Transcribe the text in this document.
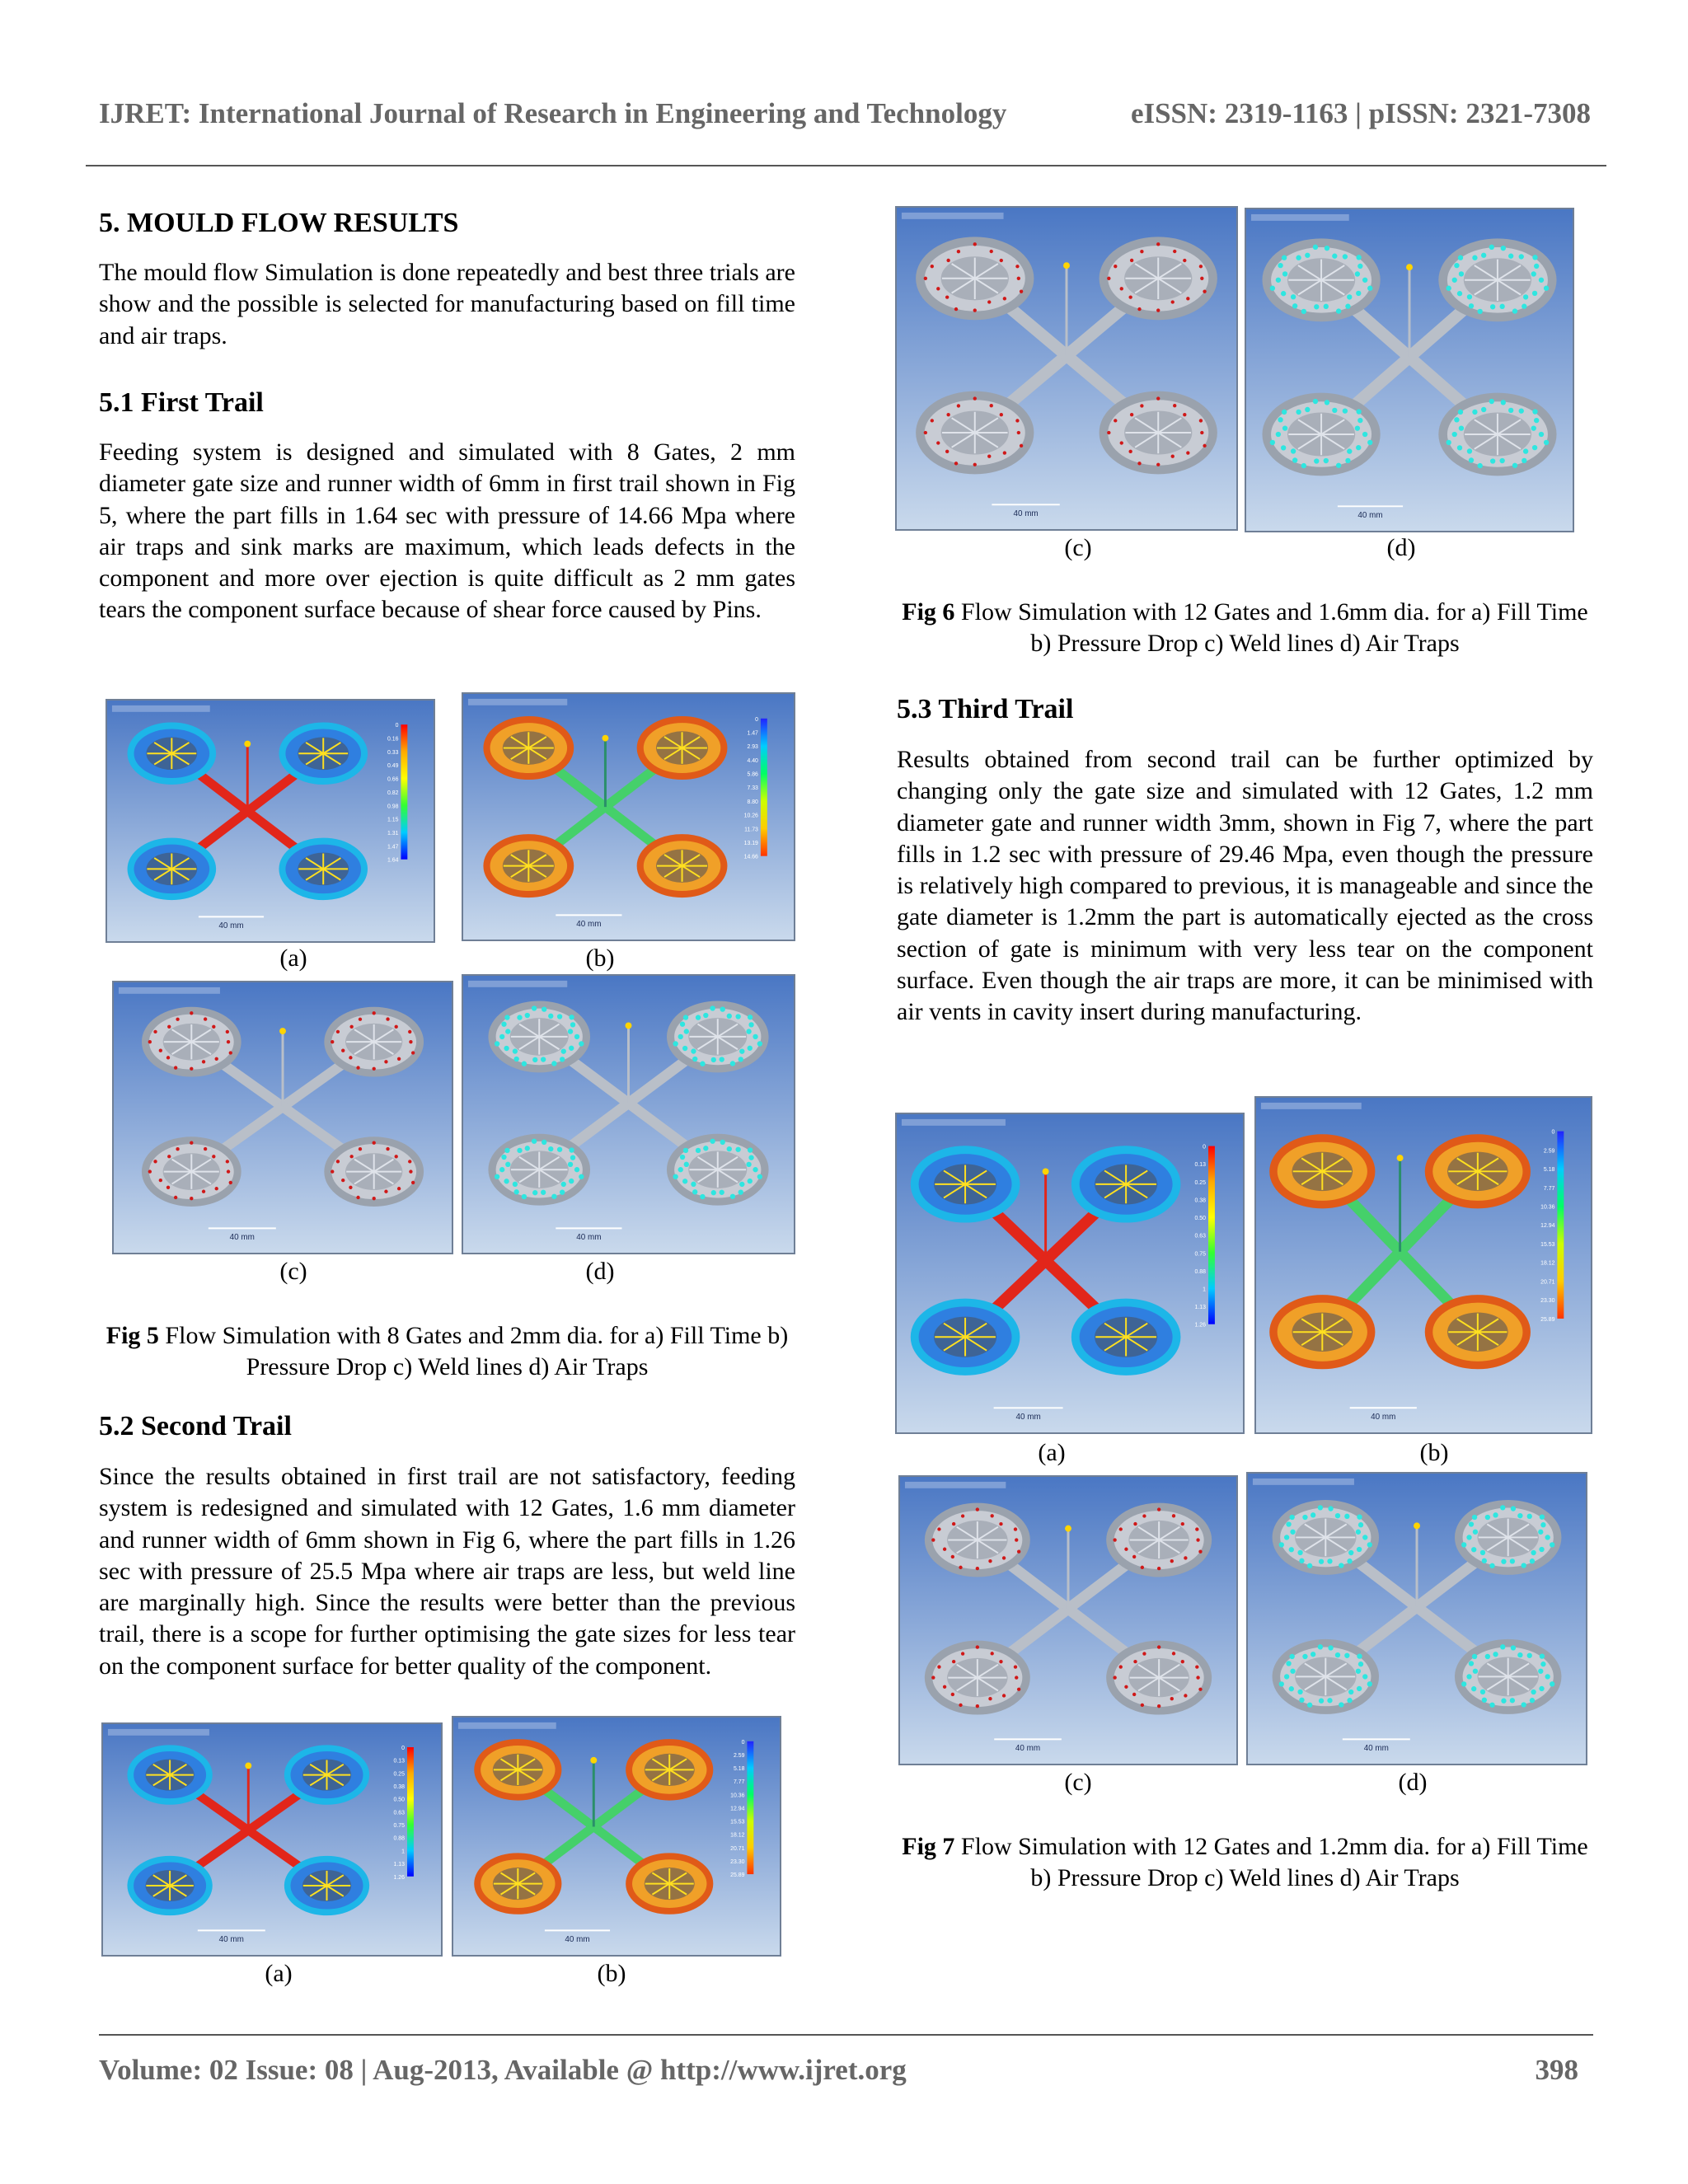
IJRET: International Journal of Research in Engineering and Technology	eISSN: 2319-1163 | pISSN: 2321-7308
5. MOULD FLOW RESULTS

The mould flow Simulation is done repeatedly and best three trials are show and the possible is selected for manufacturing based on fill time and air traps.

5.1 First Trail

Feeding system is designed and simulated with 8 Gates, 2 mm diameter gate size and runner width of 6mm in first trail shown in Fig 5, where the part fills in 1.64 sec with pressure of 14.66 Mpa where air traps and sink marks are maximum, which leads defects in the component and more over ejection is quite difficult as 2 mm gates tears the component surface because of shear force caused by Pins.

40 mm
0
0.16
0.33
0.49
0.66
0.82
0.98
1.15
1.31
1.47
1.64
40 mm
0
1.47
2.93
4.40
5.86
7.33
8.80
10.26
11.73
13.19
14.66
(a)	(b)
40 mm	40 mm
(c)	(d)
Fig 5 Flow Simulation with 8 Gates and 2mm dia. for a) Fill Time b) Pressure Drop c) Weld lines d) Air Traps
5.2 Second Trail

Since the results obtained in first trail are not satisfactory, feeding system is redesigned and simulated with 12 Gates, 1.6 mm diameter and runner width of 6mm shown in Fig 6, where the part fills in 1.26 sec with pressure of 25.5 Mpa where air traps are less, but weld line are marginally high. Since the results were better than the previous trail, there is a scope for further optimising the gate sizes for less tear on the component surface for better quality of the component.

40 mm
0
0.13
0.25
0.38
0.50
0.63
0.75
0.88
1
1.13
1.26
40 mm
0
2.59
5.18
7.77
10.36
12.94
15.53
18.12
20.71
23.30
25.89
(a)	(b)
40 mm	40 mm
(c)	(d)
Fig 6 Flow Simulation with 12 Gates and 1.6mm dia. for a) Fill Time b) Pressure Drop c) Weld lines d) Air Traps
5.3 Third Trail

Results obtained from second trail can be further optimized by changing only the gate size and simulated with 12 Gates, 1.2 mm diameter gate and runner width 3mm, shown in Fig 7, where the part fills in 1.2 sec with pressure of 29.46 Mpa, even though the pressure is relatively high compared to previous, it is manageable and since the gate diameter is 1.2mm the part is automatically ejected as the cross section of gate is minimum with very less tear on the component surface. Even though the air traps are more, it can be minimised with air vents in cavity insert during manufacturing.

40 mm
0
0.13
0.25
0.38
0.50
0.63
0.75
0.88
1
1.13
1.26
40 mm
0
2.59
5.18
7.77
10.36
12.94
15.53
18.12
20.71
23.30
25.89
(a)	(b)
40 mm	40 mm
(c)	(d)
Fig 7 Flow Simulation with 12 Gates and 1.2mm dia. for a) Fill Time b) Pressure Drop c) Weld lines d) Air Traps
Volume: 02 Issue: 08 | Aug-2013, Available @ http://www.ijret.org	398
